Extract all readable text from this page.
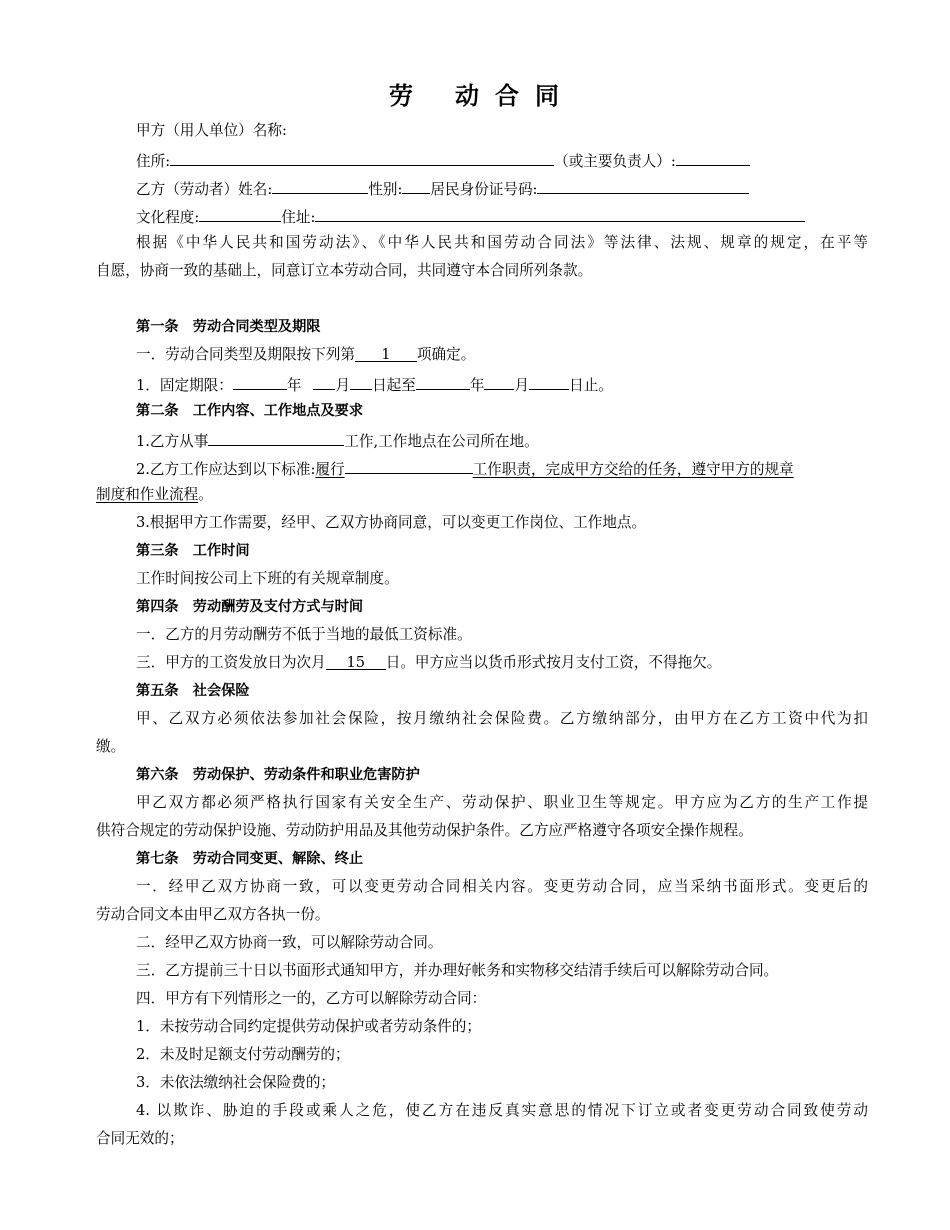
劳 动 合 同
甲方（用人单位）名称:
住所:	（或主要负责人）:
乙方（劳动者）姓名:	性别: 居民身份证号码:
文化程度:	住址:
根据《中华人民共和国劳动法》、《中华人民共和国劳动合同法》等法律、法规、规章的规定，在平等
自愿，协商一致的基础上，同意订立本劳动合同，共同遵守本合同所列条款。
第一条　劳动合同类型及期限
一．劳动合同类型及期限按下列第 1 项确定。
1．固定期限：	年 月 日起至	年 月	日止。
第二条　工作内容、工作地点及要求
1.乙方从事	工作,工作地点在公司所在地。
2.乙方工作应达到以下标准:履行	工作职责，完成甲方交给的任务，遵守甲方的规章
制度和作业流程。
3.根据甲方工作需要，经甲、乙双方协商同意，可以变更工作岗位、工作地点。
第三条　工作时间
工作时间按公司上下班的有关规章制度。
第四条　劳动酬劳及支付方式与时间
一．乙方的月劳动酬劳不低于当地的最低工资标准。
三．甲方的工资发放日为次月 15 日。甲方应当以货币形式按月支付工资，不得拖欠。
第五条　社会保险
甲、乙双方必须依法参加社会保险，按月缴纳社会保险费。乙方缴纳部分，由甲方在乙方工资中代为扣
缴。
第六条　劳动保护、劳动条件和职业危害防护
甲乙双方都必须严格执行国家有关安全生产、劳动保护、职业卫生等规定。甲方应为乙方的生产工作提
供符合规定的劳动保护设施、劳动防护用品及其他劳动保护条件。乙方应严格遵守各项安全操作规程。
第七条　劳动合同变更、解除、终止
一．经甲乙双方协商一致，可以变更劳动合同相关内容。变更劳动合同，应当采纳书面形式。变更后的
劳动合同文本由甲乙双方各执一份。
二．经甲乙双方协商一致，可以解除劳动合同。
三．乙方提前三十日以书面形式通知甲方，并办理好帐务和实物移交结清手续后可以解除劳动合同。
四．甲方有下列情形之一的，乙方可以解除劳动合同：
1．未按劳动合同约定提供劳动保护或者劳动条件的；
2．未及时足额支付劳动酬劳的；
3．未依法缴纳社会保险费的；
4. 以欺诈、胁迫的手段或乘人之危，使乙方在违反真实意思的情况下订立或者变更劳动合同致使劳动
合同无效的；
